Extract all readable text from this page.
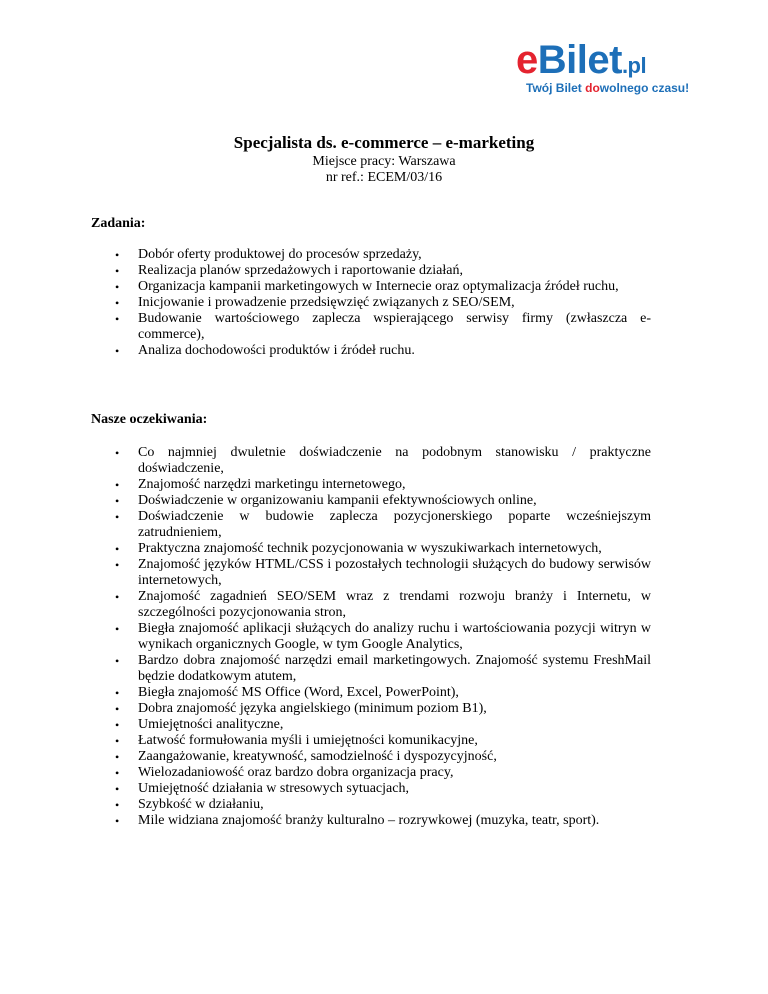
eBilet.pl
Twój Bilet dowolnego czasu!
Specjalista ds. e-commerce – e-marketing
Miejsce pracy: Warszawa
nr ref.: ECEM/03/16
Zadania:
• Dobór oferty produktowej do procesów sprzedaży,
• Realizacja planów sprzedażowych i raportowanie działań,
• Organizacja kampanii marketingowych w Internecie oraz optymalizacja źródeł ruchu,
• Inicjowanie i prowadzenie przedsięwzięć związanych z SEO/SEM,
• Budowanie wartościowego zaplecza wspierającego serwisy firmy (zwłaszcza e-commerce),
• Analiza dochodowości produktów i źródeł ruchu.
Nasze oczekiwania:
• Co najmniej dwuletnie doświadczenie na podobnym stanowisku / praktyczne doświadczenie,
• Znajomość narzędzi marketingu internetowego,
• Doświadczenie w organizowaniu kampanii efektywnościowych online,
• Doświadczenie w budowie zaplecza pozycjonerskiego poparte wcześniejszym zatrudnieniem,
• Praktyczna znajomość technik pozycjonowania w wyszukiwarkach internetowych,
• Znajomość języków HTML/CSS i pozostałych technologii służących do budowy serwisów internetowych,
• Znajomość zagadnień SEO/SEM wraz z trendami rozwoju branży i Internetu, w szczególności pozycjonowania stron,
• Biegła znajomość aplikacji służących do analizy ruchu i wartościowania pozycji witryn w wynikach organicznych Google, w tym Google Analytics,
• Bardzo dobra znajomość narzędzi email marketingowych. Znajomość systemu FreshMail będzie dodatkowym atutem,
• Biegła znajomość MS Office (Word, Excel, PowerPoint),
• Dobra znajomość języka angielskiego (minimum poziom B1),
• Umiejętności analityczne,
• Łatwość formułowania myśli i umiejętności komunikacyjne,
• Zaangażowanie, kreatywność, samodzielność i dyspozycyjność,
• Wielozadaniowość oraz bardzo dobra organizacja pracy,
• Umiejętność działania w stresowych sytuacjach,
• Szybkość w działaniu,
• Mile widziana znajomość branży kulturalno – rozrywkowej (muzyka, teatr, sport).
